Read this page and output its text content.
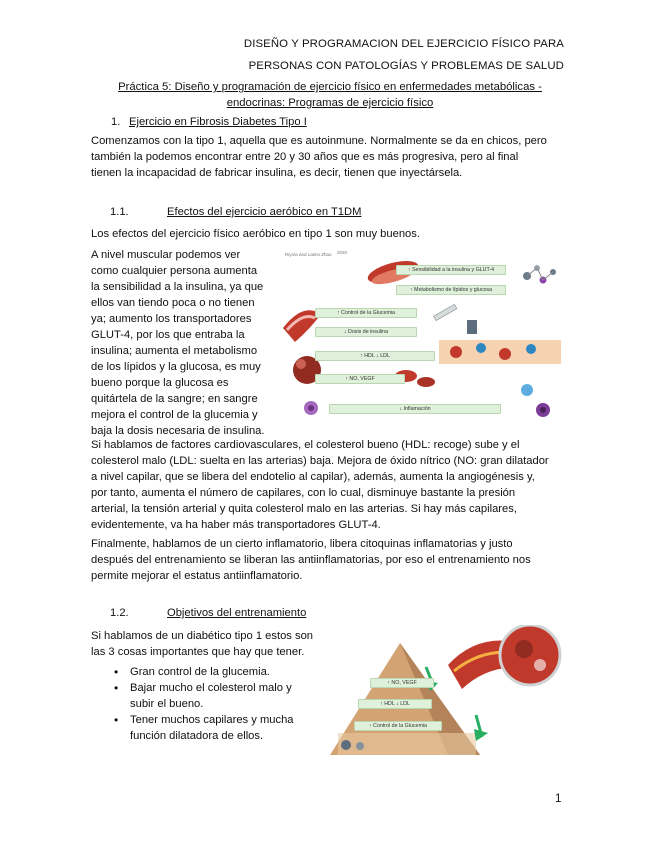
DISEÑO Y PROGRAMACION DEL EJERCICIO FÍSICO PARA
PERSONAS CON PATOLOGÍAS Y PROBLEMAS DE SALUD
Práctica 5: Diseño y programación de ejercicio físico en enfermedades metabólicas -
endocrinas: Programas de ejercicio físico
1. Ejercicio en Fibrosis Diabetes Tipo I
Comenzamos con la tipo 1, aquella que es autoinmune. Normalmente se da en chicos, pero
también la podemos encontrar entre 20 y 30 años que es más progresiva, pero al final
tienen la incapacidad de fabricar insulina, es decir, tienen que inyectársela.
1.1.	Efectos del ejercicio aeróbico en T1DM
Los efectos del ejercicio físico aeróbico en tipo 1 son muy buenos.
A nivel muscular podemos ver
como cualquier persona aumenta
la sensibilidad a la insulina, ya que
ellos van tiendo poca o no tienen
ya; aumento los transportadores
GLUT-4, por los que entraba la
insulina; aumenta el metabolismo
de los lípidos y la glucosa, es muy
bueno porque la glucosa es
quitártela de la sangre; en sangre
mejora el control de la glucemia y
baja la dosis necesaria de insulina.
Riyo/a and Latinn Zhao 2020
↑ Sensibilidad a la insulina y GLUT-4
↑ Metabolismo de lípidos y glucosa
↑ Control de la Glucemia
↓ Dosis de insulina
↑ HDL ↓ LDL
↑ NO, VEGF
↓ Inflamación
Si hablamos de factores cardiovasculares, el colesterol bueno (HDL: recoge) sube y el
colesterol malo (LDL: suelta en las arterias) baja. Mejora de óxido nítrico (NO: gran dilatador
a nivel capilar, que se libera del endotelio al capilar), además, aumenta la angiogénesis y,
por tanto, aumenta el número de capilares, con lo cual, disminuye bastante la presión
arterial, la tensión arterial y quita colesterol malo en las arterias. Si hay más capilares,
evidentemente, va ha haber más transportadores GLUT-4.
Finalmente, hablamos de un cierto inflamatorio, libera citoquinas inflamatorias y justo
después del entrenamiento se liberan las antiinflamatorias, por eso el entrenamiento nos
permite mejorar el estatus antiinflamatorio.
1.2.	Objetivos del entrenamiento
Si hablamos de un diabético tipo 1 estos son
las 3 cosas importantes que hay que tener.
• Gran control de la glucemia.
• Bajar mucho el colesterol malo y
subir el bueno.
• Tener muchos capilares y mucha
función dilatadora de ellos.
↑ NO, VEGF
↑ HDL ↓ LDL
↑ Control de la Glucemia
1
